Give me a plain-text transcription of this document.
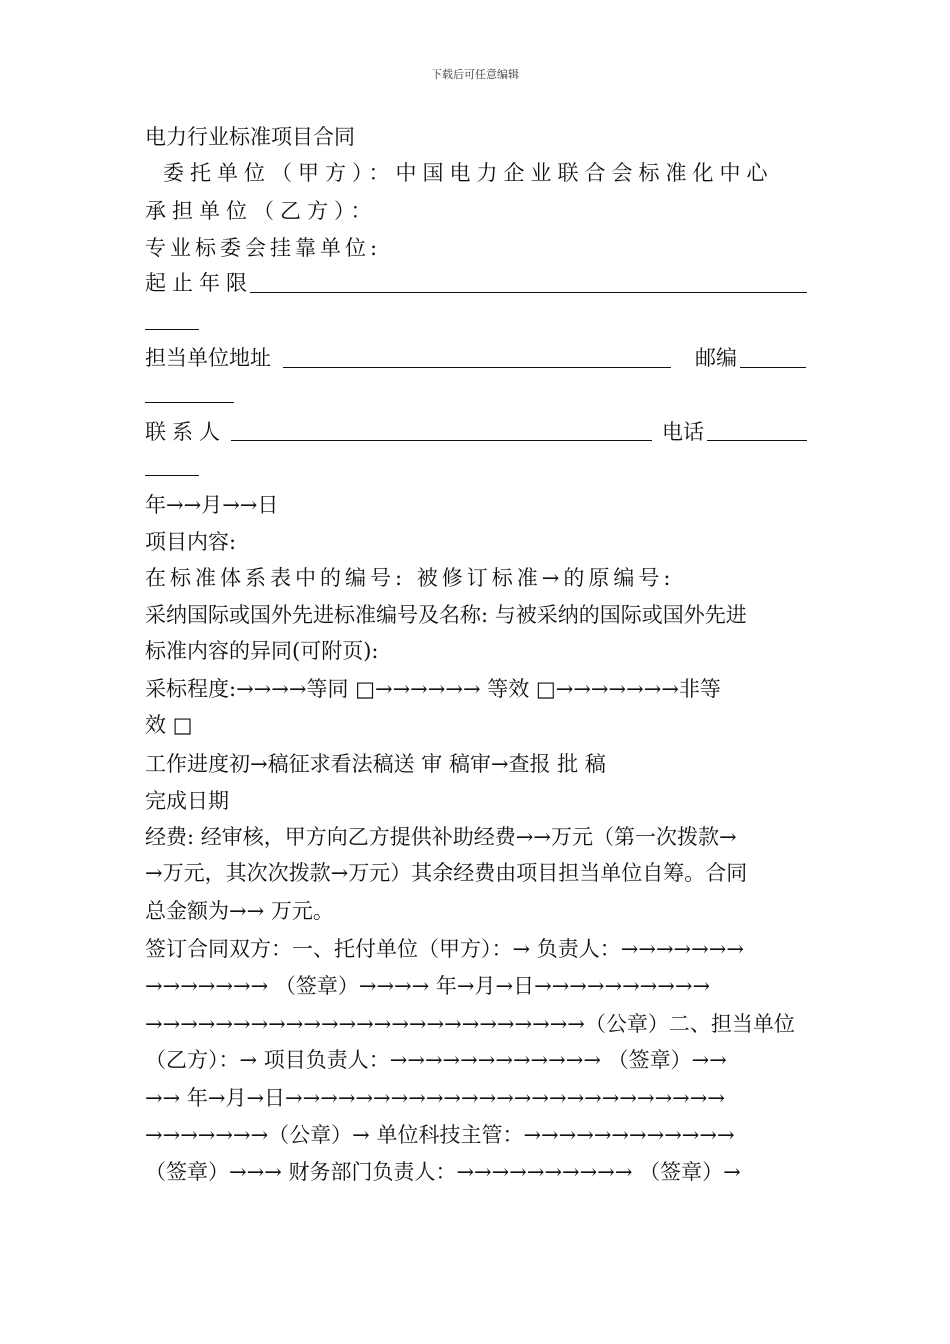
下载后可任意编辑
电力行业标准项目合同
委托单位（甲方）：中国电力企业联合会标准化中心
承担单位（乙方）：
专业标委会挂靠单位:
起止年限
担当单位地址	邮编
联系人	电话
年→→月→→日
项目内容:
在标准体系表中的编号: 被修订标准→的原编号:
采纳国际或国外先进标准编号及名称: 与被采纳的国际或国外先进
标准内容的异同(可附页):
采标程度:→→→→等同 □→→→→→→ 等效 □→→→→→→→非等
效 □
工作进度初→稿征求看法稿送 审 稿审→查报 批 稿
完成日期
经费: 经审核，甲方向乙方提供补助经费→→万元（第一次拨款→
→万元，其次次拨款→万元）其余经费由项目担当单位自筹。合同
总金额为→→ 万元。
签订合同双方：一、托付单位（甲方）：→ 负责人：→→→→→→→
→→→→→→→ （签章）→→→→ 年→月→日→→→→→→→→→→
→→→→→→→→→→→→→→→→→→→→→→→→→（公章）二、担当单位
（乙方）：→ 项目负责人：→→→→→→→→→→→→ （签章）→→
→→ 年→月→日→→→→→→→→→→→→→→→→→→→→→→→→→
→→→→→→→（公章）→ 单位科技主管：→→→→→→→→→→→→
（签章）→→→ 财务部门负责人：→→→→→→→→→→ （签章）→
